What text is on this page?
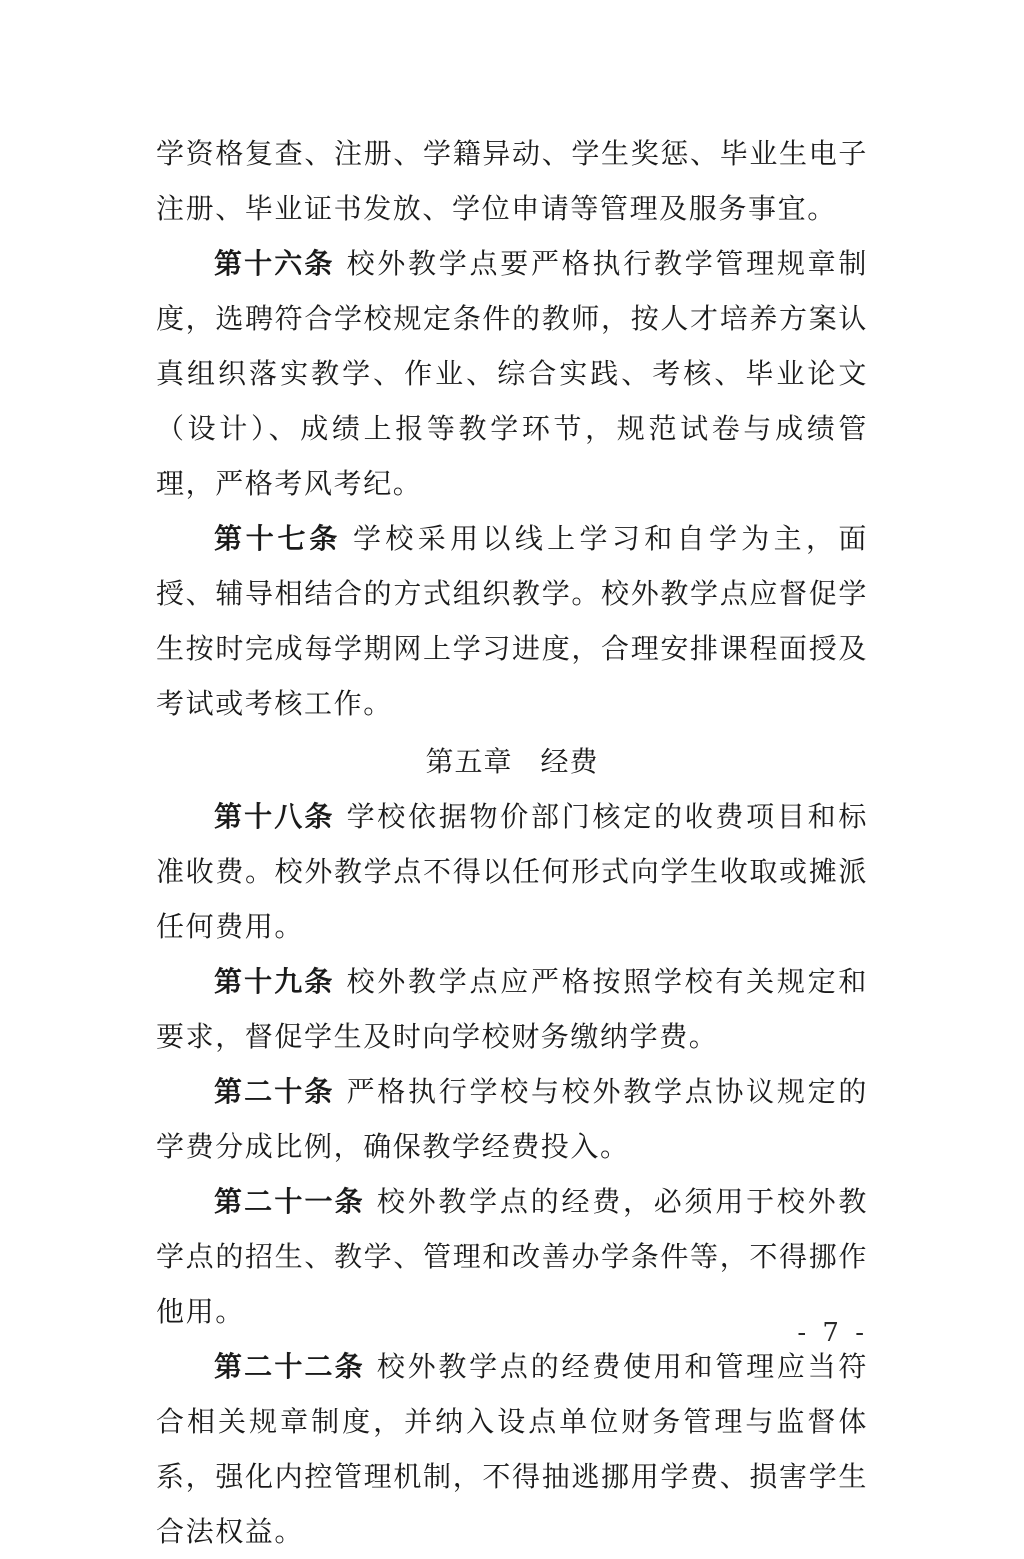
学资格复查、注册、学籍异动、学生奖惩、毕业生电子注册、毕业证书发放、学位申请等管理及服务事宜。

第十六条 校外教学点要严格执行教学管理规章制度，选聘符合学校规定条件的教师，按人才培养方案认真组织落实教学、作业、综合实践、考核、毕业论文（设计）、成绩上报等教学环节，规范试卷与成绩管理，严格考风考纪。

第十七条 学校采用以线上学习和自学为主，面授、辅导相结合的方式组织教学。校外教学点应督促学生按时完成每学期网上学习进度，合理安排课程面授及考试或考核工作。

第五章 经费

第十八条 学校依据物价部门核定的收费项目和标准收费。校外教学点不得以任何形式向学生收取或摊派任何费用。

第十九条 校外教学点应严格按照学校有关规定和要求，督促学生及时向学校财务缴纳学费。

第二十条 严格执行学校与校外教学点协议规定的学费分成比例，确保教学经费投入。

第二十一条 校外教学点的经费，必须用于校外教学点的招生、教学、管理和改善办学条件等，不得挪作他用。

第二十二条 校外教学点的经费使用和管理应当符合相关规章制度，并纳入设点单位财务管理与监督体系，强化内控管理机制，不得抽逃挪用学费、损害学生合法权益。

- 7 -
